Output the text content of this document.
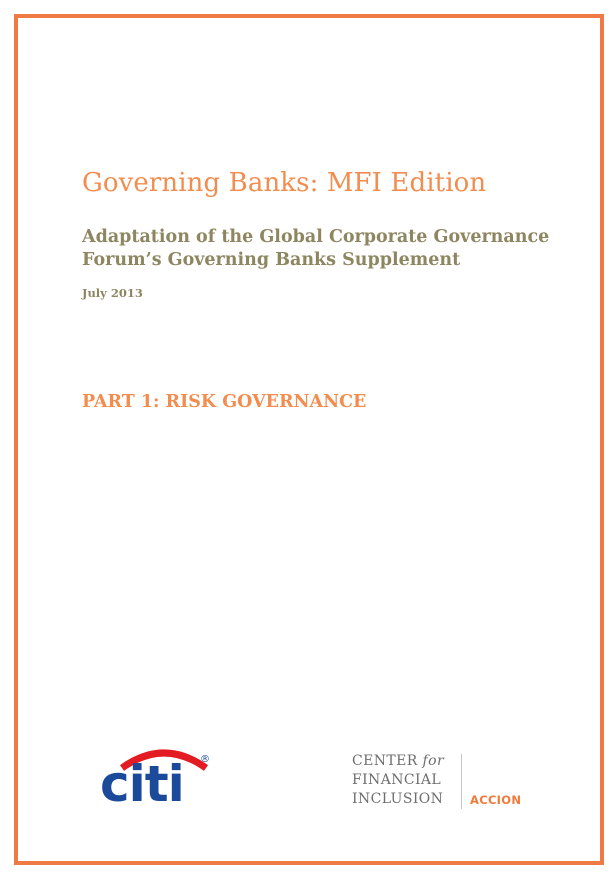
Governing Banks: MFI Edition

Adaptation of the Global Corporate Governance
Forum’s Governing Banks Supplement

July 2013

PART 1: RISK GOVERNANCE
citi ®	CENTER for
FINANCIAL
INCLUSION ACCION
